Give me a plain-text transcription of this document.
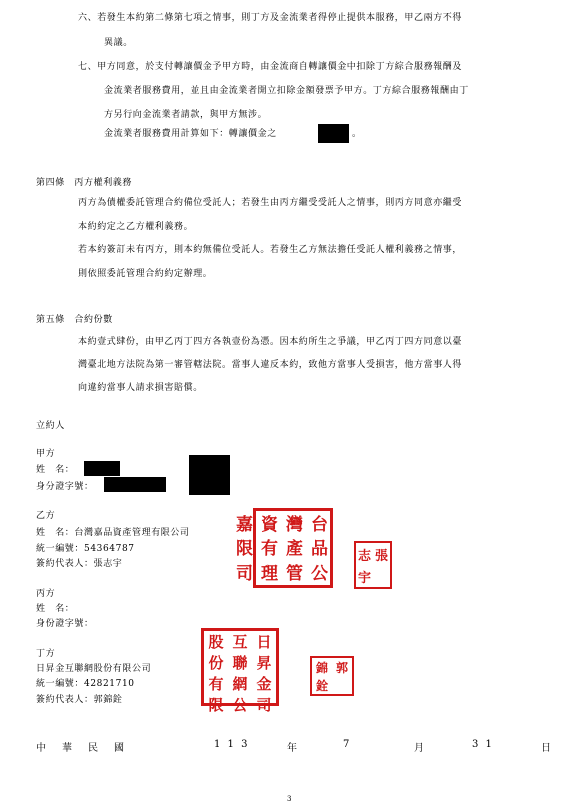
六、若發生本約第二條第七項之情事，則丁方及金流業者得停止提供本服務，甲乙兩方不得
異議。
七、甲方同意，於支付轉讓價金予甲方時，由金流商自轉讓價金中扣除丁方綜合服務報酬及
金流業者服務費用，並且由金流業者開立扣除金額發票予甲方。丁方綜合服務報酬由丁
方另行向金流業者請款，與甲方無涉。
金流業者服務費用計算如下：轉讓價金之	。
第四條　丙方權利義務
丙方為債權委託管理合約備位受託人；若發生由丙方繼受受託人之情事，則丙方同意亦繼受
本約約定之乙方權利義務。
若本約簽訂未有丙方，則本約無備位受託人。若發生乙方無法擔任受託人權利義務之情事，
則依照委託管理合約約定辦理。
第五條　合約份數
本約壹式肆份，由甲乙丙丁四方各執壹份為憑。因本約所生之爭議，甲乙丙丁四方同意以臺
灣臺北地方法院為第一審管轄法院。當事人違反本約，致他方當事人受損害，他方當事人得
向違約當事人請求損害賠償。
立約人
甲方
姓　名：
身分證字號：
乙方
姓　名：台灣嘉品資產管理有限公司
統一編號：54364787
簽約代表人：張志宇
丙方
姓　名：
身份證字號：
丁方
日昇金互聯網股份有限公司
統一編號：42821710
簽約代表人：郭錦銓
台
灣
資
嘉
品
產
有
限
公
管
理
司
志 張
宇
股 互 日
份 聯 昇
有 網 金
限 公 司
錦 郭
銓
中 華 民 國	1 1 3	年	7	月	3 1	日
3
